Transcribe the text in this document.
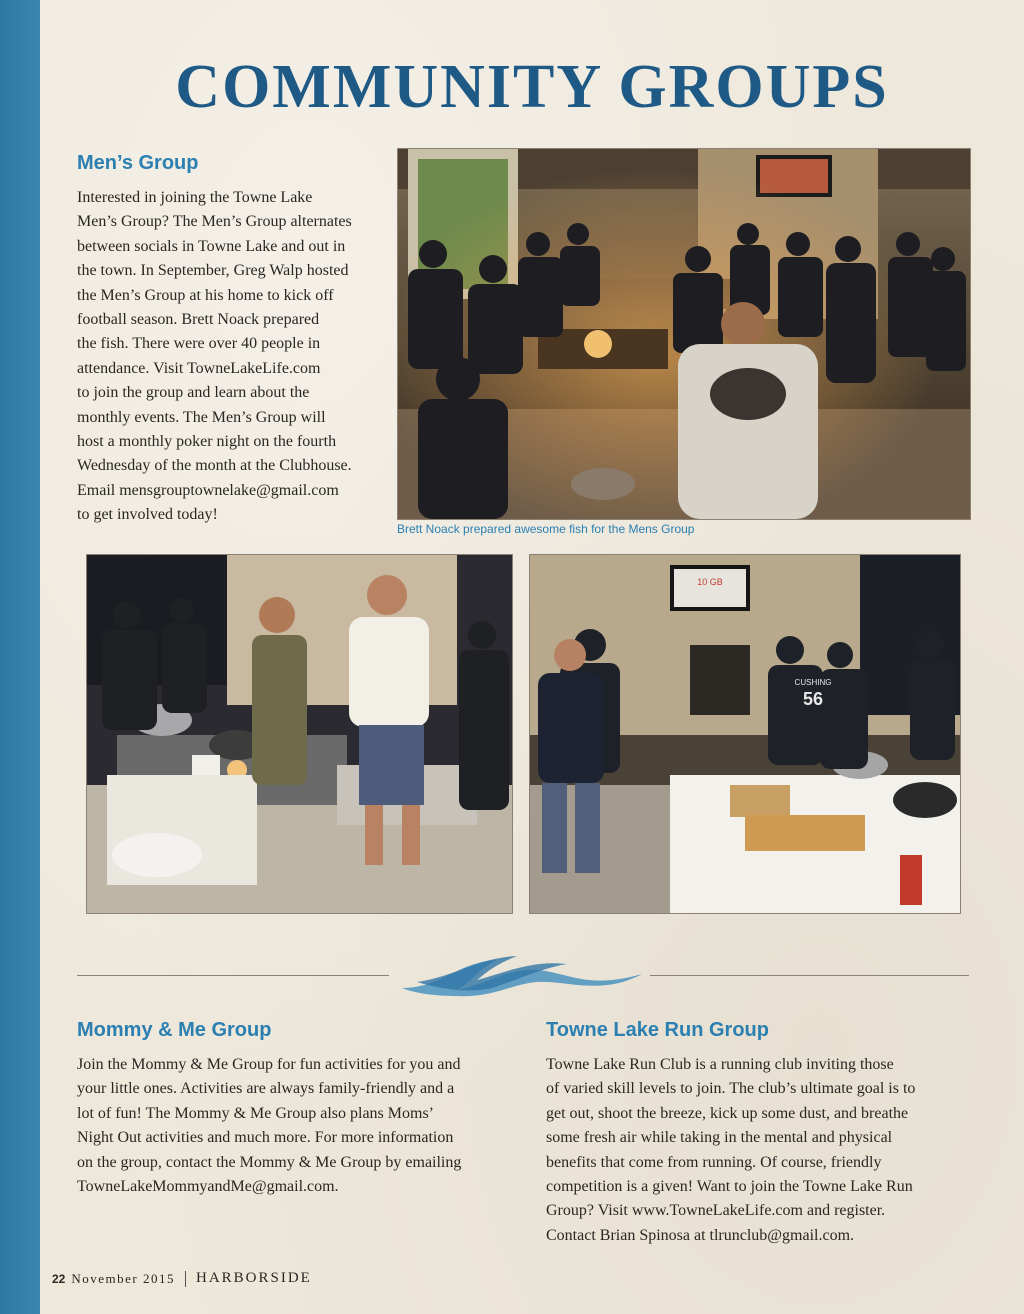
COMMUNITY GROUPS
Men’s Group
Interested in joining the Towne Lake
Men’s Group? The Men’s Group alternates
between socials in Towne Lake and out in
the town. In September, Greg Walp hosted
the Men’s Group at his home to kick off
football season. Brett Noack prepared
the fish. There were over 40 people in
attendance. Visit TowneLakeLife.com
to join the group and learn about the
monthly events. The Men’s Group will
host a monthly poker night on the fourth
Wednesday of the month at the Clubhouse.
Email mensgrouptownelake@gmail.com
to get involved today!

Brett Noack prepared awesome fish for the Mens Group

10 GB
CUSHING
56
Mommy & Me Group
Join the Mommy & Me Group for fun activities for you and
your little ones. Activities are always family-friendly and a
lot of fun! The Mommy & Me Group also plans Moms’
Night Out activities and much more. For more information
on the group, contact the Mommy & Me Group by emailing
TowneLakeMommyandMe@gmail.com.
Towne Lake Run Group
Towne Lake Run Club is a running club inviting those
of varied skill levels to join. The club’s ultimate goal is to
get out, shoot the breeze, kick up some dust, and breathe
some fresh air while taking in the mental and physical
benefits that come from running. Of course, friendly
competition is a given! Want to join the Towne Lake Run
Group? Visit www.TowneLakeLife.com and register.
Contact Brian Spinosa at tlrunclub@gmail.com.
22 November 2015 HARBORSIDE
